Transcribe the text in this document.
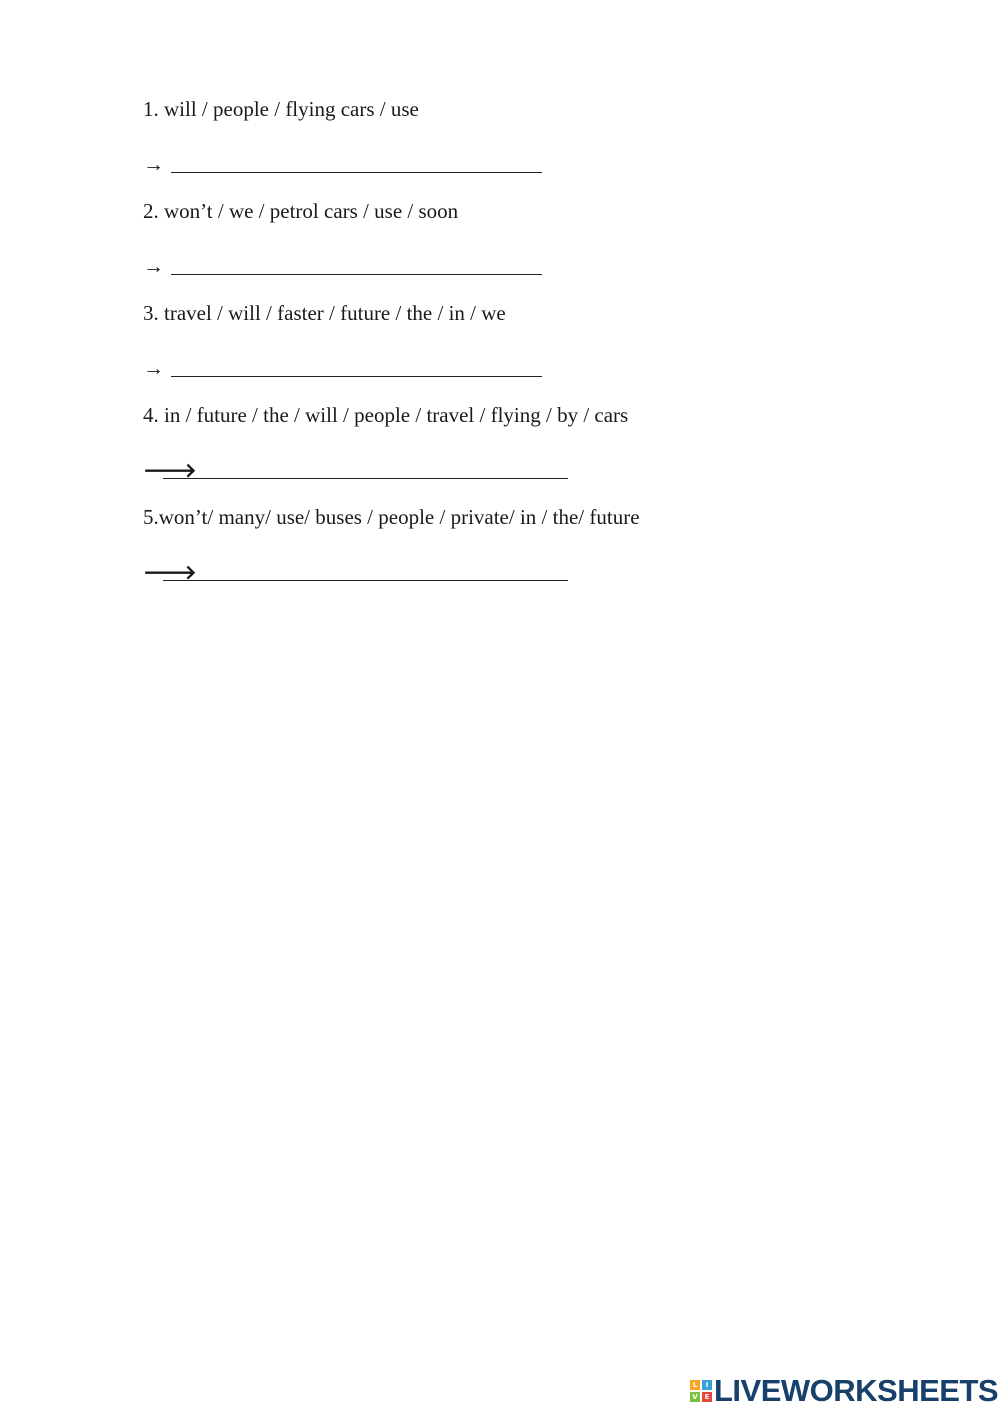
1. will / people / flying cars / use
→
2. won’t / we / petrol cars / use / soon
→
3. travel / will / faster / future / the / in / we
→
4. in / future / the / will / people / travel / flying / by / cars
🡒
5.won’t/ many/ use/ buses / people / private/ in / the/ future
🡒
L	I
V E LIVEWORKSHEETS
